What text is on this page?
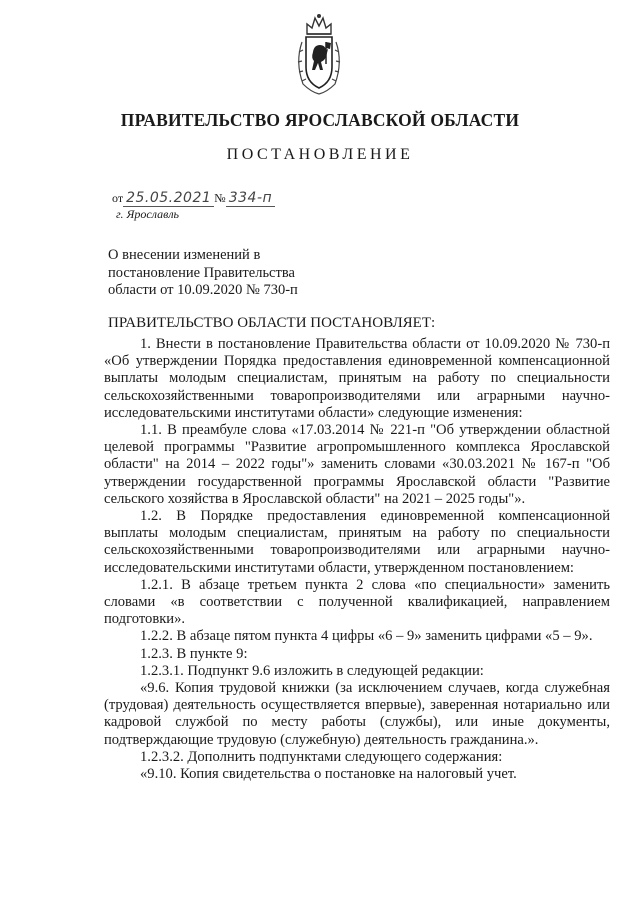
ПРАВИТЕЛЬСТВО ЯРОСЛАВСКОЙ ОБЛАСТИ
ПОСТАНОВЛЕНИЕ
от 25.05.2021 № 334-п
г. Ярославль
О внесении изменений в
постановление Правительства
области от 10.09.2020 № 730-п
ПРАВИТЕЛЬСТВО ОБЛАСТИ ПОСТАНОВЛЯЕТ:

1. Внести в постановление Правительства области от 10.09.2020 № 730-п «Об утверждении Порядка предоставления единовременной компенсационной выплаты молодым специалистам, принятым на работу по специальности сельскохозяйственными товаропроизводителями или аграрными научно-исследовательскими институтами области» следующие изменения:

1.1. В преамбуле слова «17.03.2014 № 221-п "Об утверждении областной целевой программы "Развитие агропромышленного комплекса Ярославской области" на 2014 – 2022 годы"» заменить словами «30.03.2021 № 167-п "Об утверждении государственной программы Ярославской области "Развитие сельского хозяйства в Ярославской области" на 2021 – 2025 годы"».

1.2. В Порядке предоставления единовременной компенсационной выплаты молодым специалистам, принятым на работу по специальности сельскохозяйственными товаропроизводителями или аграрными научно-исследовательскими институтами области, утвержденном постановлением:

1.2.1. В абзаце третьем пункта 2 слова «по специальности» заменить словами «в соответствии с полученной квалификацией, направлением подготовки».

1.2.2. В абзаце пятом пункта 4 цифры «6 – 9» заменить цифрами «5 – 9».

1.2.3. В пункте 9:

1.2.3.1. Подпункт 9.6 изложить в следующей редакции:

«9.6. Копия трудовой книжки (за исключением случаев, когда служебная (трудовая) деятельность осуществляется впервые), заверенная нотариально или кадровой службой по месту работы (службы), или иные документы, подтверждающие трудовую (служебную) деятельность гражданина.».

1.2.3.2. Дополнить подпунктами следующего содержания:

«9.10. Копия свидетельства о постановке на налоговый учет.
